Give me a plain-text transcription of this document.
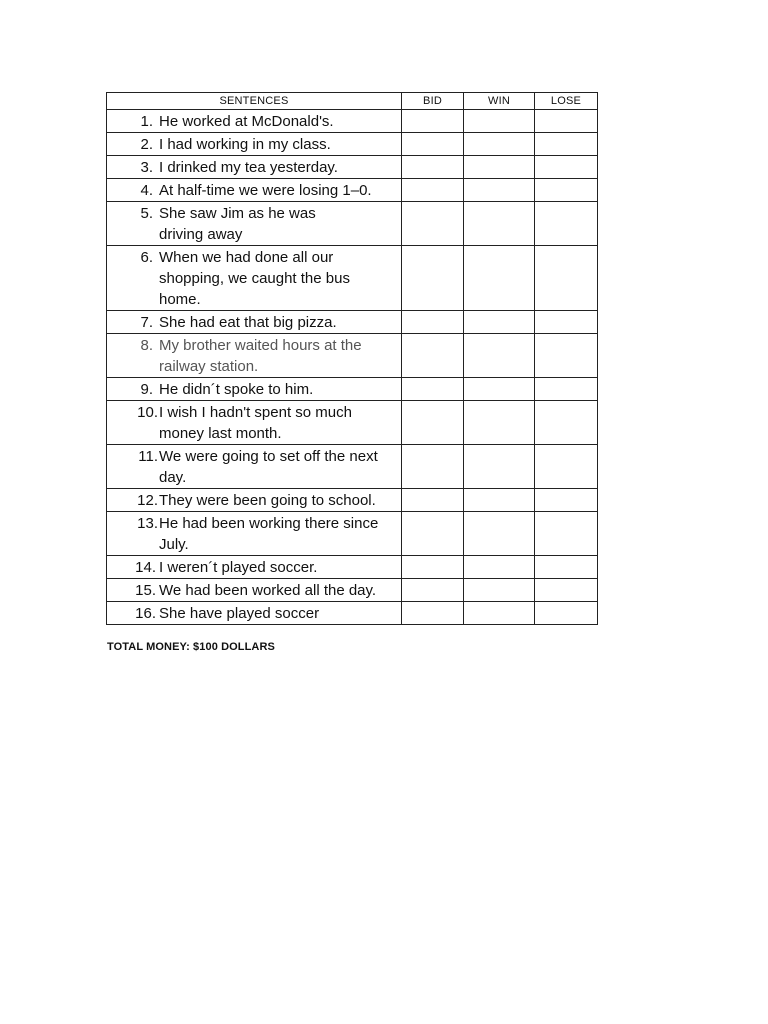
SENTENCES	BID	WIN	LOSE

1. He worked at McDonald's.			

2. I had working in my class.			

3. I drinked my tea yesterday.			

4. At half-time we were losing 1–0.			

5. She saw Jim as he was driving away			

6. When we had done all our shopping, we caught the bus home.			

7. She had eat that big pizza.			

8. My brother waited hours at the railway station.			

9. He didn´t spoke to him.			

10. I wish I hadn't spent so much money last month.			

11. We were going to set off the next day.			

12. They were been going to school.			

13. He had been working there since July.			

14. I weren´t played soccer.			

15. We had been worked all the day.			

16. She have played soccer			

TOTAL MONEY: $100 DOLLARS
